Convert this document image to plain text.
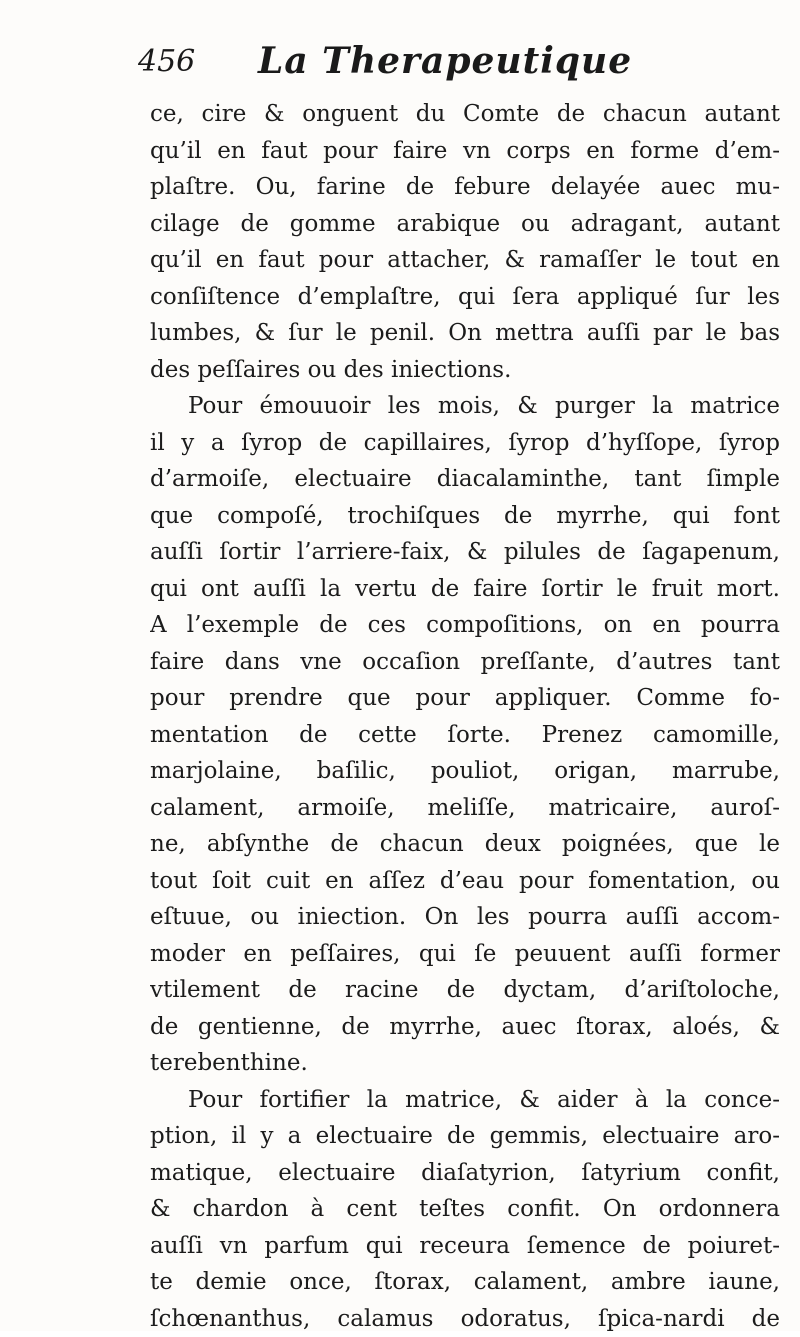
456 La Therapeutique
ce, cire & onguent du Comte de chacun autant
qu’il en faut pour faire vn corps en forme d’em-
plaſtre. Ou, farine de febure delayée auec mu-
cilage de gomme arabique ou adragant, autant
qu’il en faut pour attacher, & ramaſſer le tout en
conſiſtence d’emplaſtre, qui ſera appliqué ſur les
lumbes, & ſur le penil. On mettra auſſi par le bas
des peſſaires ou des iniections.
Pour émouuoir les mois, & purger la matrice
il y a ſyrop de capillaires, ſyrop d’hyſſope, ſyrop
d’armoiſe, electuaire diacalaminthe, tant ſimple
que compoſé, trochiſques de myrrhe, qui font
auſſi ſortir l’arriere-faix, & pilules de ſagapenum,
qui ont auſſi la vertu de faire ſortir le fruit mort.
A l’exemple de ces compoſitions, on en pourra
faire dans vne occaſion preſſante, d’autres tant
pour prendre que pour appliquer. Comme fo-
mentation de cette ſorte. Prenez camomille,
marjolaine, baſilic, pouliot, origan, marrube,
calament, armoiſe, meliſſe, matricaire, auroſ-
ne, abſynthe de chacun deux poignées, que le
tout ſoit cuit en aſſez d’eau pour fomentation, ou
eſtuue, ou iniection. On les pourra auſſi accom-
moder en peſſaires, qui ſe peuuent auſſi former
vtilement de racine de dyctam, d’ariſtoloche,
de gentienne, de myrrhe, auec ſtorax, aloés, &
terebenthine.
Pour fortifier la matrice, & aider à la conce-
ption, il y a electuaire de gemmis, electuaire aro-
matique, electuaire diaſatyrion, ſatyrium confit,
& chardon à cent teſtes confit. On ordonnera
auſſi vn parfum qui receura ſemence de poiuret-
te demie once, ſtorax, calament, ambre iaune,
ſchœnanthus, calamus odoratus, ſpica-nardi de
